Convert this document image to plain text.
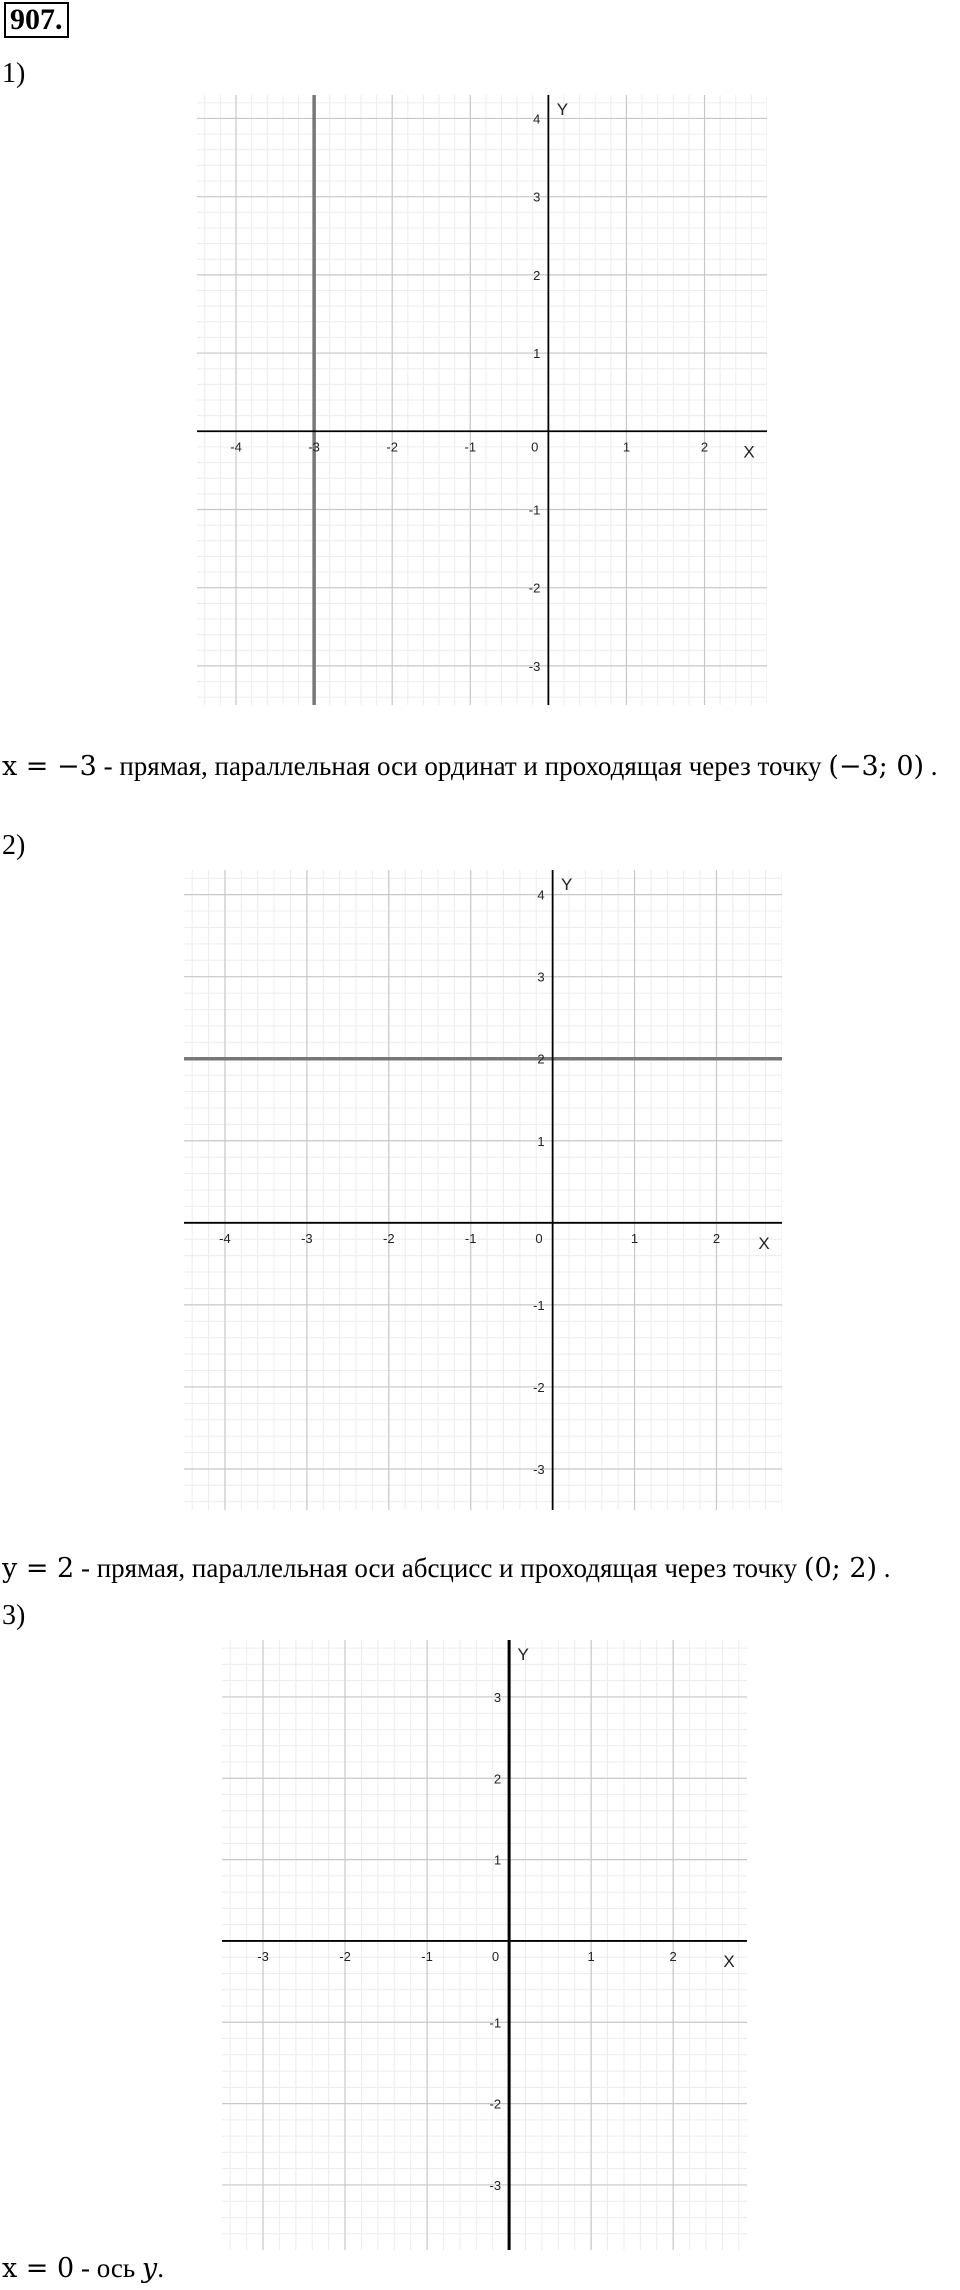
907.
1)
-4	-3	-2	-1	1	2
-3
-2
-1
1
2
3
4
0	X
Y
x = −3 - прямая, параллельная оси ординат и проходящая через точку (−3; 0) .
2)
-4	-3	-2	-1	1	2
-3
-2
-1
1
2
3
4
0	X
Y
y = 2 - прямая, параллельная оси абсцисс и проходящая через точку (0; 2) .
3)
-3	-2	-1	1	2
-3
-2
-1
1
2
3
0	X
Y
x = 0 - ось y.
